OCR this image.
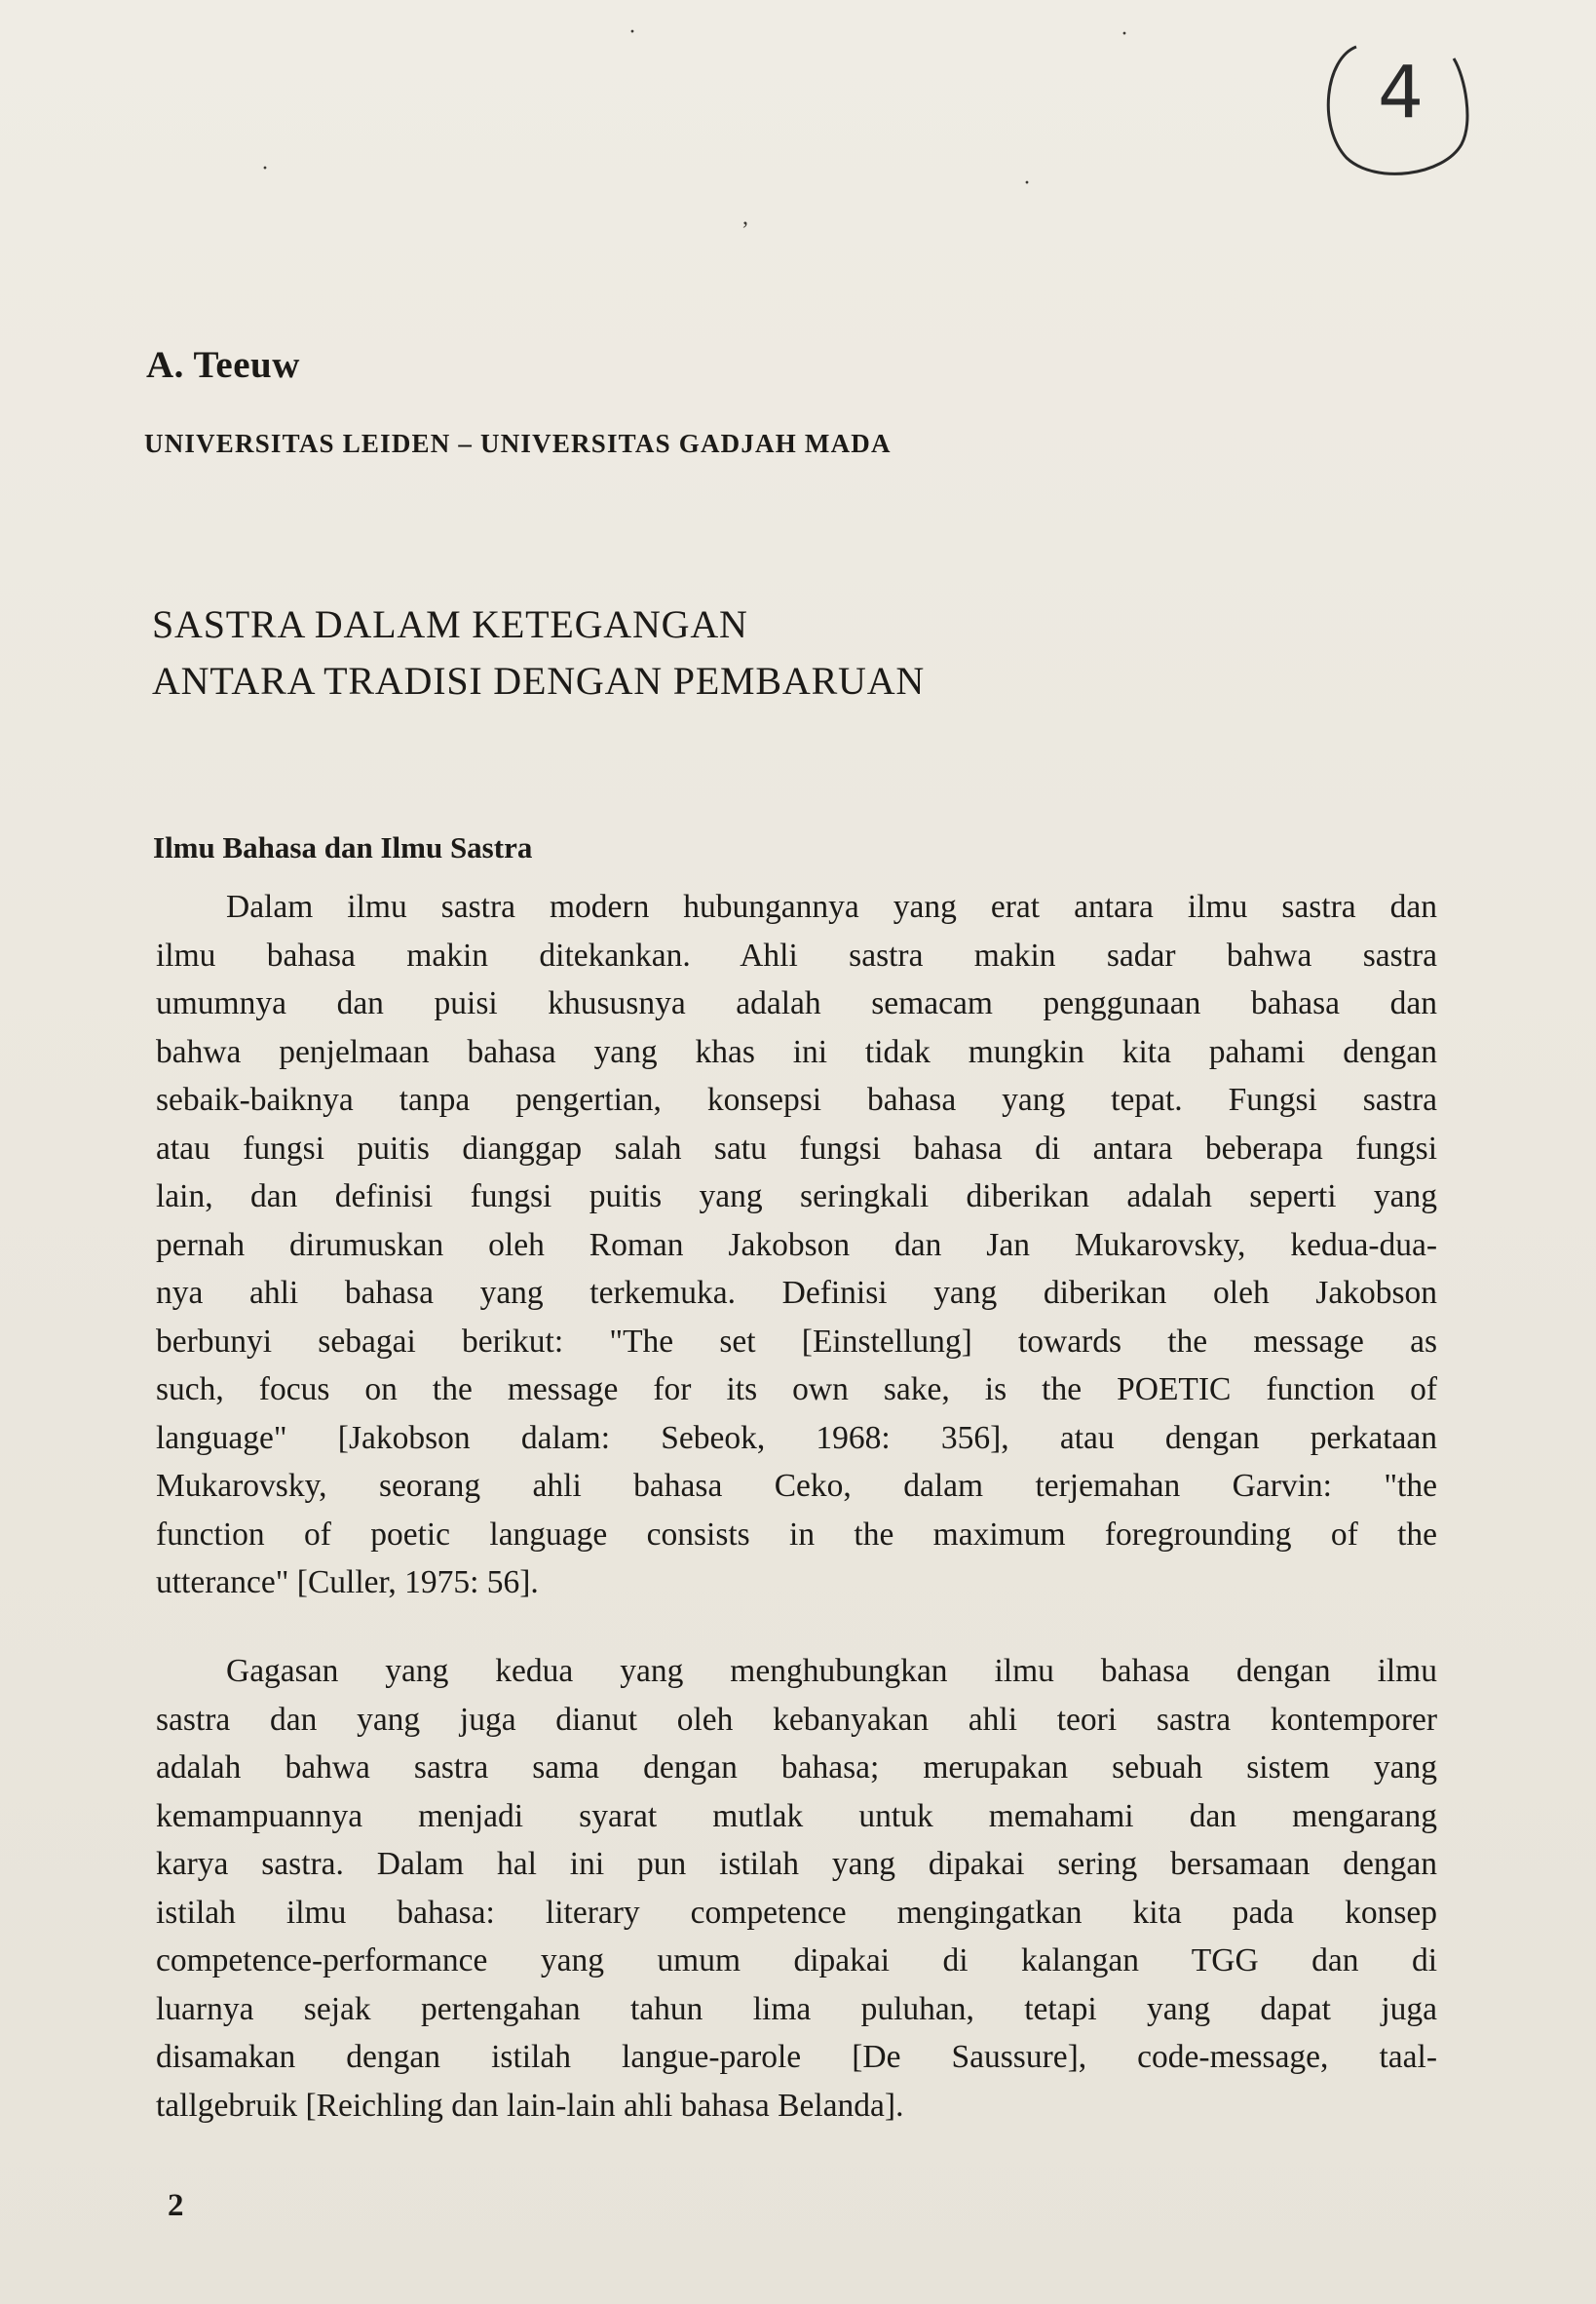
4
·	·
·
,
·
A. Teeuw
UNIVERSITAS LEIDEN – UNIVERSITAS GADJAH MADA
SASTRA DALAM KETEGANGAN
ANTARA TRADISI DENGAN PEMBARUAN
Ilmu Bahasa dan Ilmu Sastra
Dalam ilmu sastra modern hubungannya yang erat antara ilmu sastra dan
ilmu bahasa makin ditekankan. Ahli sastra makin sadar bahwa sastra
umumnya dan puisi khususnya adalah semacam penggunaan bahasa dan
bahwa penjelmaan bahasa yang khas ini tidak mungkin kita pahami dengan
sebaik-baiknya tanpa pengertian, konsepsi bahasa yang tepat. Fungsi sastra
atau fungsi puitis dianggap salah satu fungsi bahasa di antara beberapa fungsi
lain, dan definisi fungsi puitis yang seringkali diberikan adalah seperti yang
pernah dirumuskan oleh Roman Jakobson dan Jan Mukarovsky, kedua-dua-
nya ahli bahasa yang terkemuka. Definisi yang diberikan oleh Jakobson
berbunyi sebagai berikut: "The set [Einstellung] towards the message as
such, focus on the message for its own sake, is the POETIC function of
language" [Jakobson dalam: Sebeok, 1968: 356], atau dengan perkataan
Mukarovsky, seorang ahli bahasa Ceko, dalam terjemahan Garvin: "the
function of poetic language consists in the maximum foregrounding of the
utterance" [Culler, 1975: 56].
Gagasan yang kedua yang menghubungkan ilmu bahasa dengan ilmu
sastra dan yang juga dianut oleh kebanyakan ahli teori sastra kontemporer
adalah bahwa sastra sama dengan bahasa; merupakan sebuah sistem yang
kemampuannya menjadi syarat mutlak untuk memahami dan mengarang
karya sastra. Dalam hal ini pun istilah yang dipakai sering bersamaan dengan
istilah ilmu bahasa: literary competence mengingatkan kita pada konsep
competence-performance yang umum dipakai di kalangan TGG dan di
luarnya sejak pertengahan tahun lima puluhan, tetapi yang dapat juga
disamakan dengan istilah langue-parole [De Saussure], code-message, taal-
tallgebruik [Reichling dan lain-lain ahli bahasa Belanda].
2
